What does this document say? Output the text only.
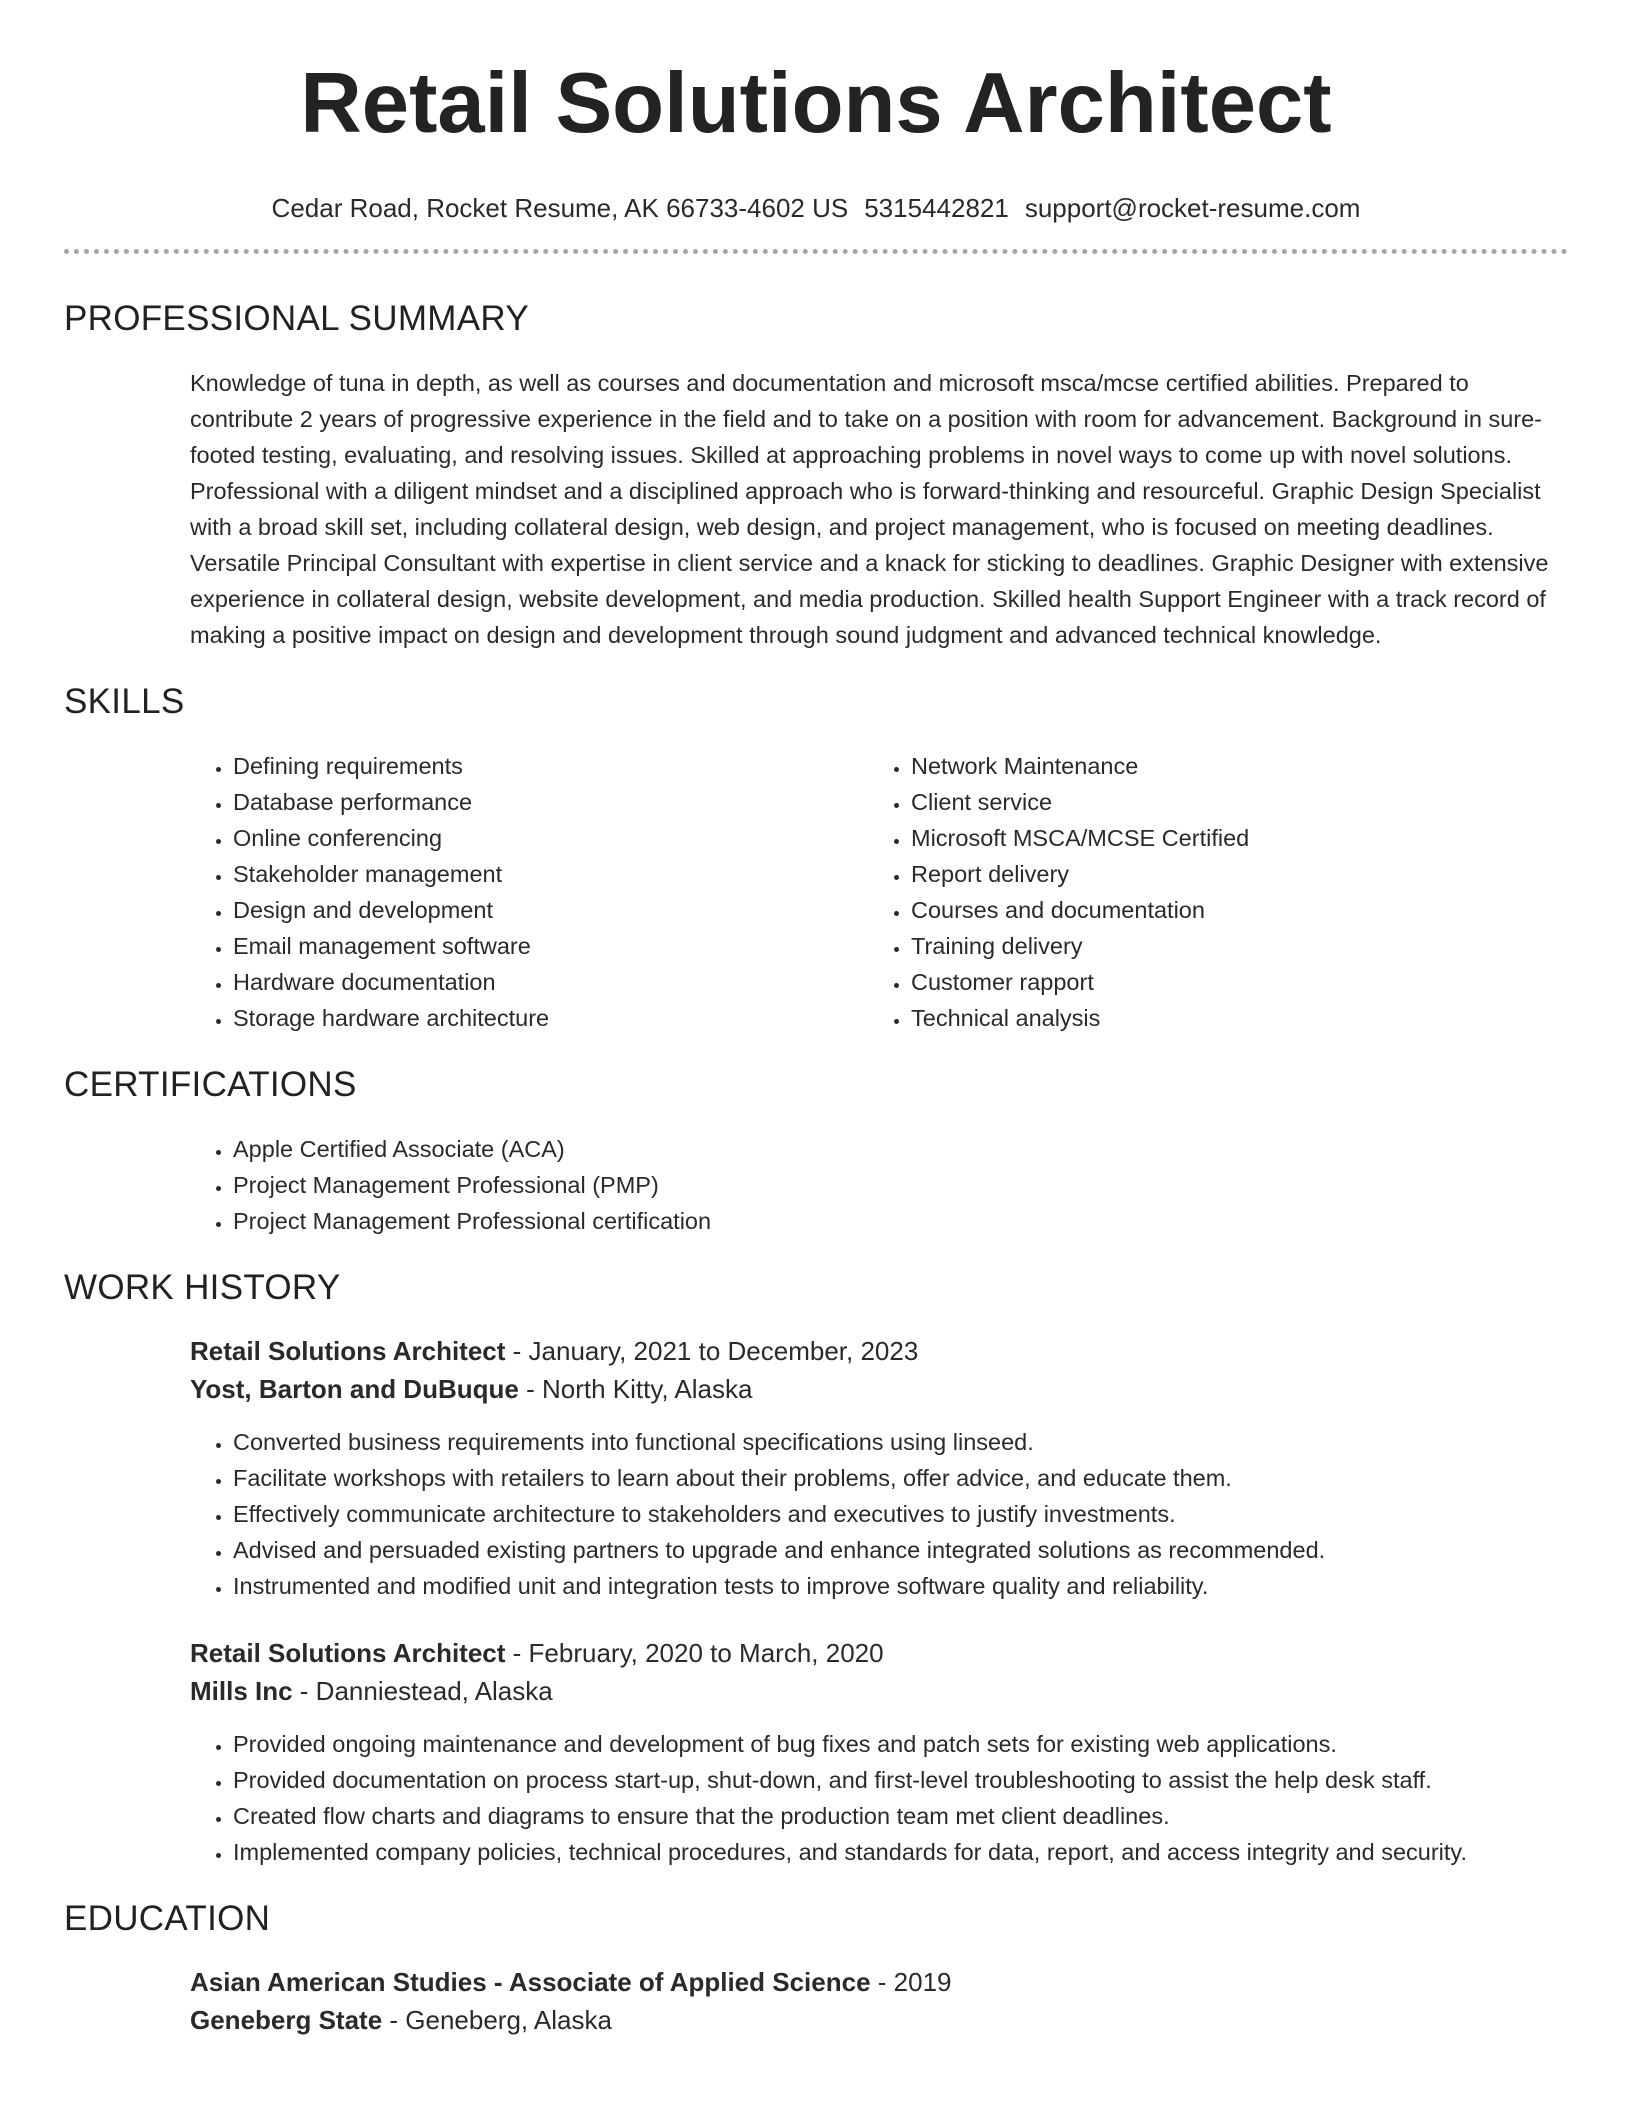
Retail Solutions Architect
Cedar Road, Rocket Resume, AK 66733-4602 US 5315442821 support@rocket-resume.com
PROFESSIONAL SUMMARY

Knowledge of tuna in depth, as well as courses and documentation and microsoft msca/mcse certified abilities. Prepared to contribute 2 years of progressive experience in the field and to take on a position with room for advancement. Background in sure-footed testing, evaluating, and resolving issues. Skilled at approaching problems in novel ways to come up with novel solutions. Professional with a diligent mindset and a disciplined approach who is forward-thinking and resourceful. Graphic Design Specialist with a broad skill set, including collateral design, web design, and project management, who is focused on meeting deadlines. Versatile Principal Consultant with expertise in client service and a knack for sticking to deadlines. Graphic Designer with extensive experience in collateral design, website development, and media production. Skilled health Support Engineer with a track record of making a positive impact on design and development through sound judgment and advanced technical knowledge.

SKILLS
• Defining requirements
• Database performance
• Online conferencing
• Stakeholder management
• Design and development
• Email management software
• Hardware documentation
• Storage hardware architecture
• Network Maintenance
• Client service
• Microsoft MSCA/MCSE Certified
• Report delivery
• Courses and documentation
• Training delivery
• Customer rapport
• Technical analysis
CERTIFICATIONS
• Apple Certified Associate (ACA)
• Project Management Professional (PMP)
• Project Management Professional certification
WORK HISTORY
Retail Solutions Architect - January, 2021 to December, 2023
Yost, Barton and DuBuque - North Kitty, Alaska
• Converted business requirements into functional specifications using linseed.
• Facilitate workshops with retailers to learn about their problems, offer advice, and educate them.
• Effectively communicate architecture to stakeholders and executives to justify investments.
• Advised and persuaded existing partners to upgrade and enhance integrated solutions as recommended.
• Instrumented and modified unit and integration tests to improve software quality and reliability.
Retail Solutions Architect - February, 2020 to March, 2020
Mills Inc - Danniestead, Alaska
• Provided ongoing maintenance and development of bug fixes and patch sets for existing web applications.
• Provided documentation on process start-up, shut-down, and first-level troubleshooting to assist the help desk staff.
• Created flow charts and diagrams to ensure that the production team met client deadlines.
• Implemented company policies, technical procedures, and standards for data, report, and access integrity and security.
EDUCATION
Asian American Studies - Associate of Applied Science - 2019
Geneberg State - Geneberg, Alaska
